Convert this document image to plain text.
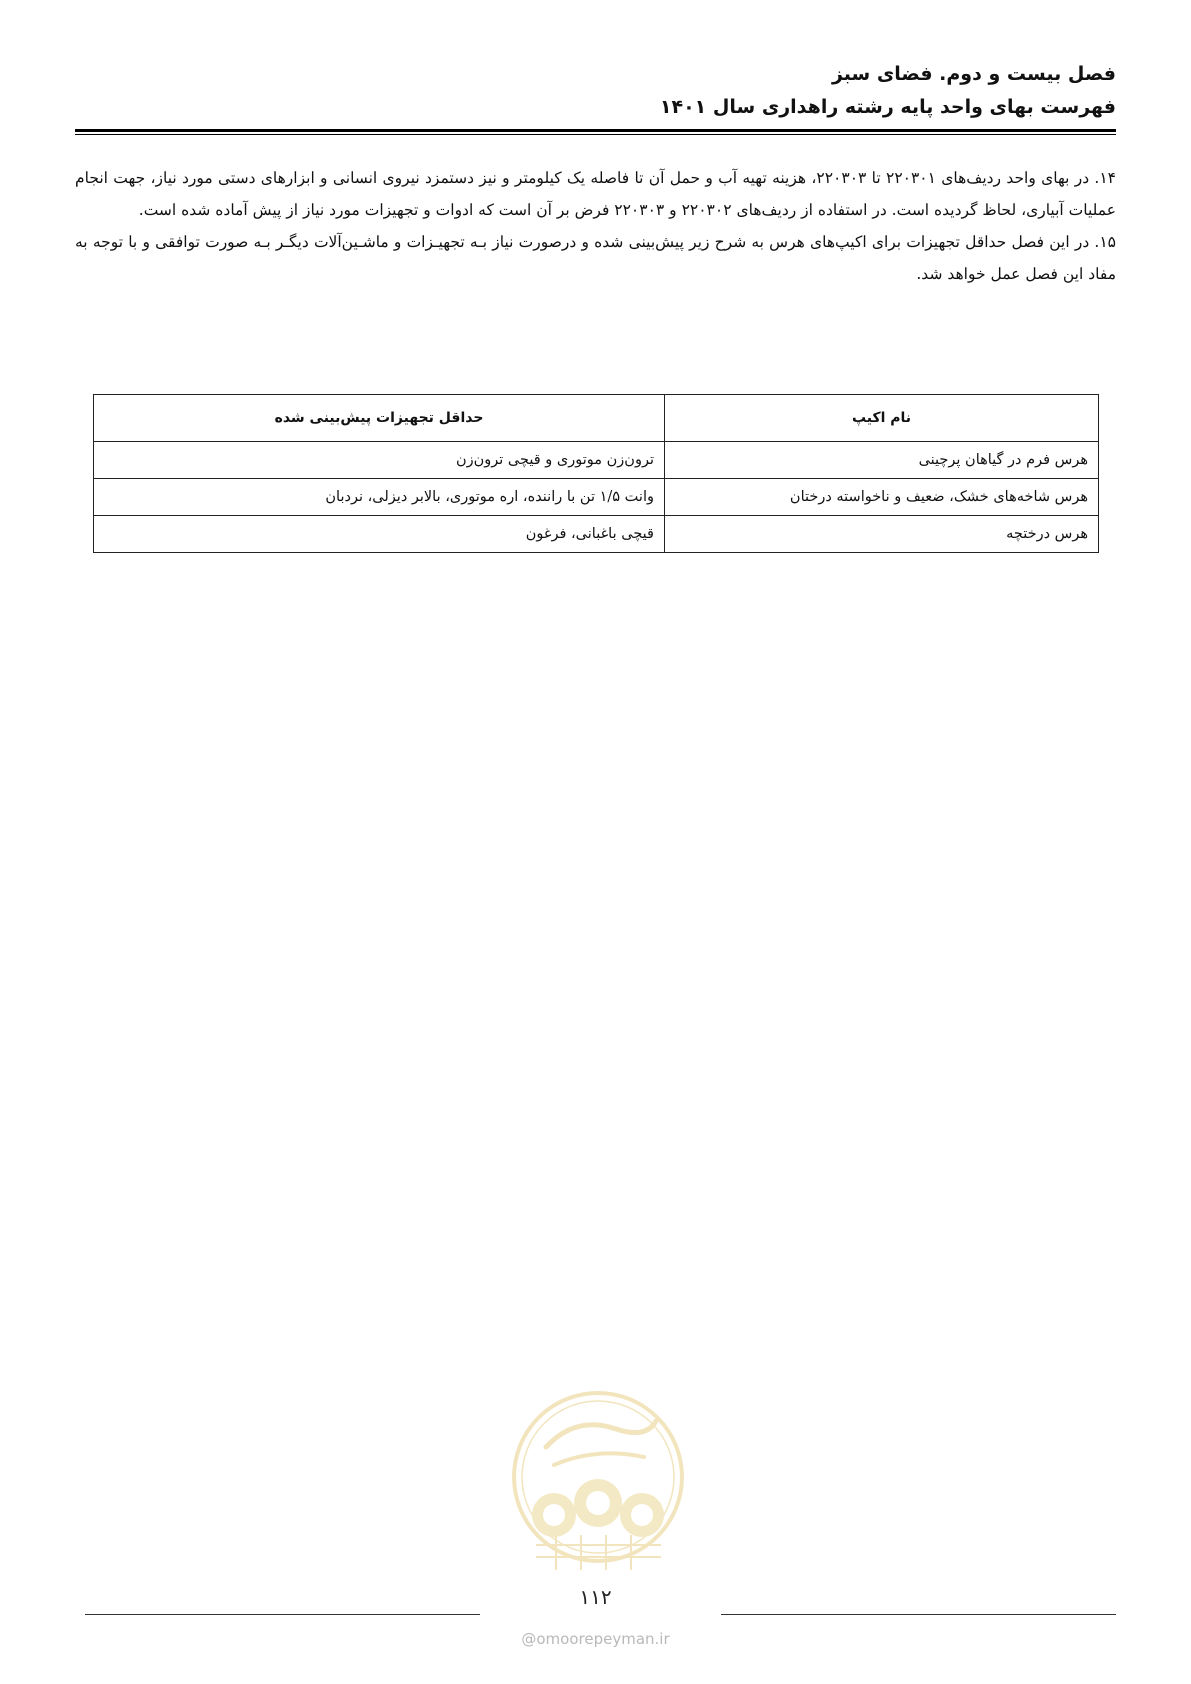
فصل بیست و دوم. فضای سبز
فهرست بهای واحد پایه رشته راهداری سال ۱۴۰۱

۱۴. در بهای واحد ردیف‌های ۲۲۰۳۰۱ تا ۲۲۰۳۰۳، هزینه تهیه آب و حمل آن تا فاصله یک کیلومتر و نیز دستمزد نیروی انسانی و ابزارهای دستی مورد نیاز، جهت انجام عملیات آبیاری، لحاظ گردیده است. در استفاده از ردیف‌های ۲۲۰۳۰۲ و ۲۲۰۳۰۳ فرض بر آن است که ادوات و تجهیزات مورد نیاز از پیش آماده شده است.

۱۵. در این فصل حداقل تجهیزات برای اکیپ‌های هرس به شرح زیر پیش‌بینی شده و درصورت نیاز بـه تجهیـزات و ماشـین‌آلات دیگـر بـه صورت توافقی و با توجه به مفاد این فصل عمل خواهد شد.

نام اکیپ	حداقل تجهیزات پیش‌بینی شده
هرس فرم در گیاهان پرچینی	ترون‌زن موتوری و قیچی ترون‌زن
هرس شاخه‌های خشک، ضعیف و ناخواسته درختان	وانت ۱/۵ تن با راننده، اره موتوری، بالابر دیزلی، نردبان
هرس درختچه	قیچی باغبانی، فرغون
۱۱۲
@omoorepeyman.ir
